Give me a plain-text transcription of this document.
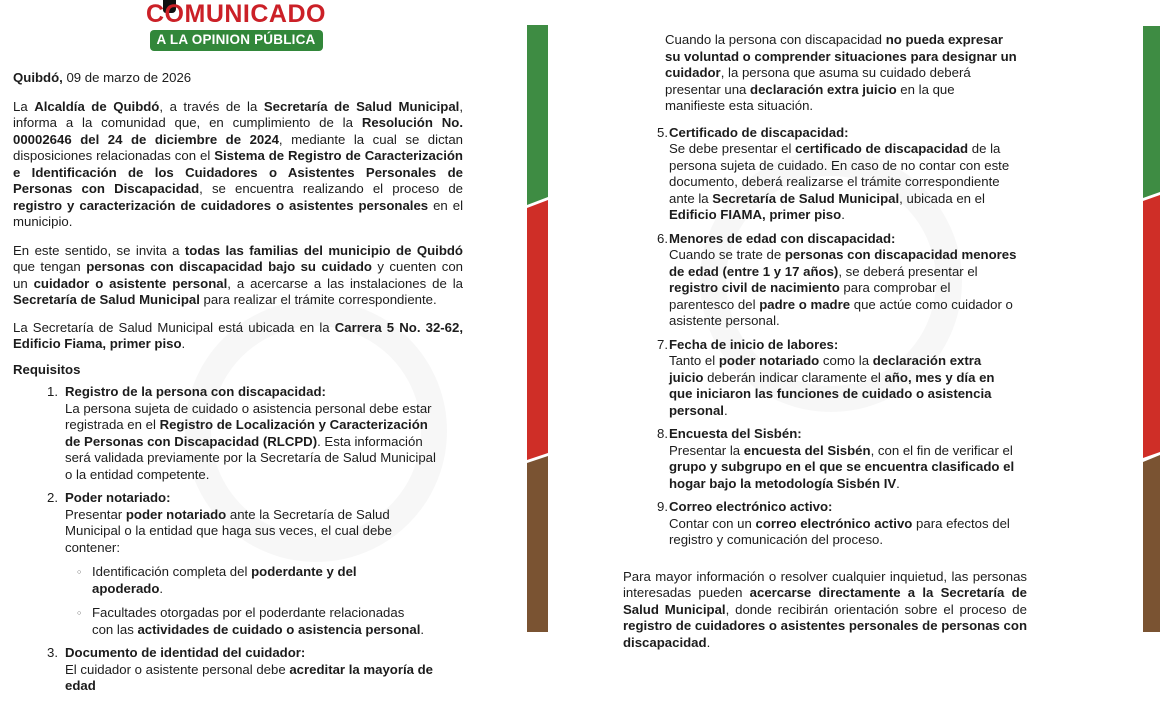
COMUNICADO
A LA OPINION PÚBLICA
Quibdó, 09 de marzo de 2026

La Alcaldía de Quibdó, a través de la Secretaría de Salud Municipal, informa a la comunidad que, en cumplimiento de la Resolución No. 00002646 del 24 de diciembre de 2024, mediante la cual se dictan disposiciones relacionadas con el Sistema de Registro de Caracterización e Identificación de los Cuidadores o Asistentes Personales de Personas con Discapacidad, se encuentra realizando el proceso de registro y caracterización de cuidadores o asistentes personales en el municipio.

En este sentido, se invita a todas las familias del municipio de Quibdó que tengan personas con discapacidad bajo su cuidado y cuenten con un cuidador o asistente personal, a acercarse a las instalaciones de la Secretaría de Salud Municipal para realizar el trámite correspondiente.

La Secretaría de Salud Municipal está ubicada en la Carrera 5 No. 32-62, Edificio Fiama, primer piso.

Requisitos
1. Registro de la persona con discapacidad:
La persona sujeta de cuidado o asistencia personal debe estar registrada en el Registro de Localización y Caracterización de Personas con Discapacidad (RLCPD). Esta información será validada previamente por la Secretaría de Salud Municipal o la entidad competente.
2. Poder notariado:
Presentar poder notariado ante la Secretaría de Salud Municipal o la entidad que haga sus veces, el cual debe contener:
○ Identificación completa del poderdante y del apoderado.
○ Facultades otorgadas por el poderdante relacionadas con las actividades de cuidado o asistencia personal.
3. Documento de identidad del cuidador:
El cuidador o asistente personal debe acreditar la mayoría de edad
Cuando la persona con discapacidad no pueda expresar su voluntad o comprender situaciones para designar un cuidador, la persona que asuma su cuidado deberá presentar una declaración extra juicio en la que manifieste esta situación.
5. Certificado de discapacidad:
Se debe presentar el certificado de discapacidad de la persona sujeta de cuidado. En caso de no contar con este documento, deberá realizarse el trámite correspondiente ante la Secretaría de Salud Municipal, ubicada en el Edificio FIAMA, primer piso.
6. Menores de edad con discapacidad:
Cuando se trate de personas con discapacidad menores de edad (entre 1 y 17 años), se deberá presentar el registro civil de nacimiento para comprobar el parentesco del padre o madre que actúe como cuidador o asistente personal.
7. Fecha de inicio de labores:
Tanto el poder notariado como la declaración extra juicio deberán indicar claramente el año, mes y día en que iniciaron las funciones de cuidado o asistencia personal.
8. Encuesta del Sisbén:
Presentar la encuesta del Sisbén, con el fin de verificar el grupo y subgrupo en el que se encuentra clasificado el hogar bajo la metodología Sisbén IV.
9. Correo electrónico activo:
Contar con un correo electrónico activo para efectos del registro y comunicación del proceso.
Para mayor información o resolver cualquier inquietud, las personas interesadas pueden acercarse directamente a la Secretaría de Salud Municipal, donde recibirán orientación sobre el proceso de registro de cuidadores o asistentes personales de personas con discapacidad.
